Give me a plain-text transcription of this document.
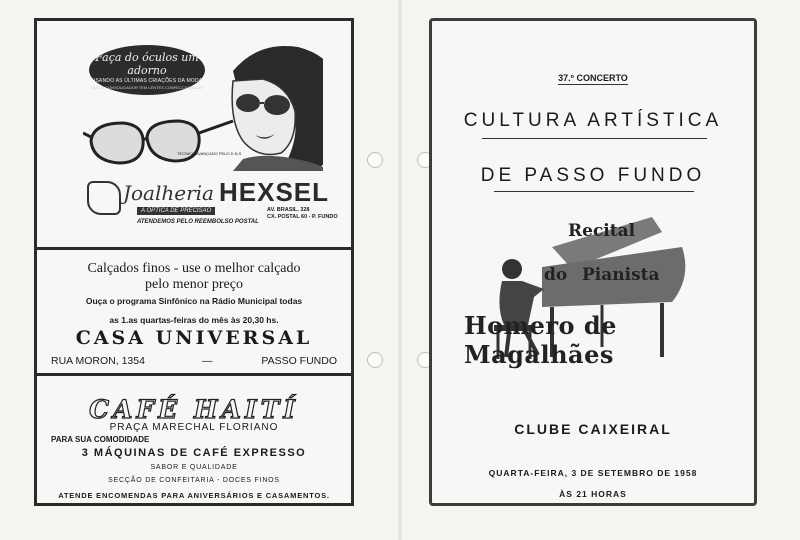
Faça do óculos um adorno
USANDO AS ÚLTIMAS CRIAÇÕES DA MODA
QUE O CONSOLIDADOR TEM LENTES CONFECCIONADAS
TÉCNICO AVANÇADO PELO D.N.S.
Joalheria HEXSEL
A ÓPTICA DE PRECISÃO	AV. BRASIL, 328
CX. POSTAL 60 - P. FUNDO
ATENDEMOS PELO REEMBOLSO POSTAL
Calçados finos - use o melhor calçado
pelo menor preço
Ouça o programa Sinfônico na Rádio Municipal todas
as 1.as quartas-feiras do mês às 20,30 hs.
CASA UNIVERSAL
RUA MORON, 1354	—	PASSO FUNDO
CAFÉ HAITÍ
PRAÇA MARECHAL FLORIANO
PARA SUA COMODIDADE
3 MÁQUINAS DE CAFÉ EXPRESSO
SABOR E QUALIDADE
SECÇÃO DE CONFEITARIA - DOCES FINOS
ATENDE ENCOMENDAS PARA ANIVERSÁRIOS E CASAMENTOS.
37.º CONCERTO
CULTURA ARTÍSTICA
DE PASSO FUNDO
Recital
do Pianista
Homero de Magalhães
CLUBE CAIXEIRAL
QUARTA-FEIRA, 3 DE SETEMBRO DE 1958
ÀS 21 HORAS
